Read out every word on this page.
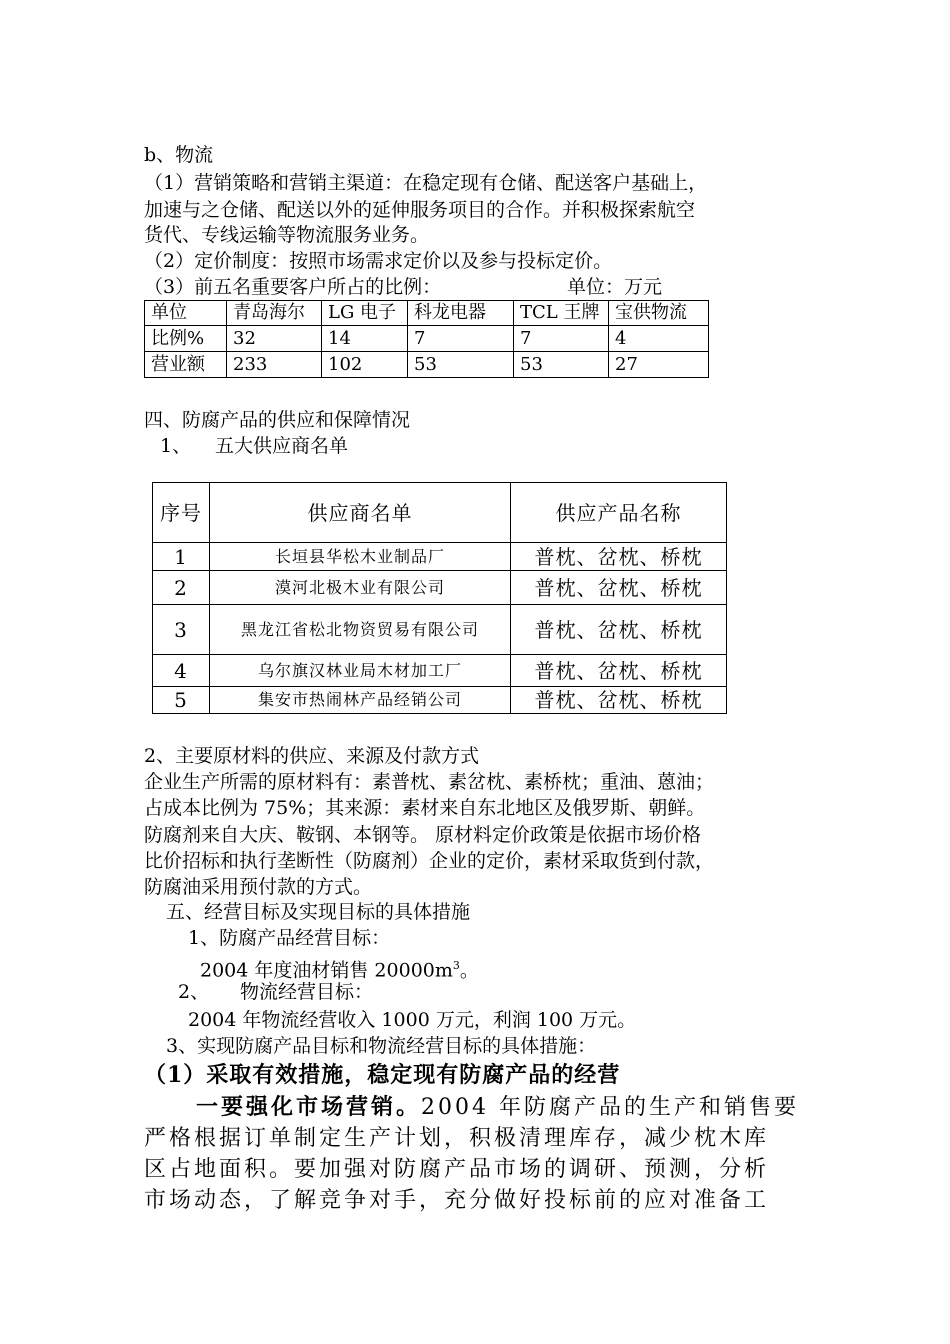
b、物流
（1）营销策略和营销主渠道：在稳定现有仓储、配送客户基础上，
加速与之仓储、配送以外的延伸服务项目的合作。并积极探索航空
货代、专线运输等物流服务业务。
（2）定价制度：按照市场需求定价以及参与投标定价。
（3）前五名重要客户所占的比例：	单位：万元
单位	青岛海尔	LG 电子	科龙电器	TCL 王牌	宝供物流
比例%	32	14	7	7	4
营业额	233	102	53	53	27
四、防腐产品的供应和保障情况
1、 五大供应商名单
序号	供应商名单	供应产品名称
1	长垣县华松木业制品厂	普枕、岔枕、桥枕
2	漠河北极木业有限公司	普枕、岔枕、桥枕
3	黑龙江省松北物资贸易有限公司	普枕、岔枕、桥枕
4	乌尔旗汉林业局木材加工厂	普枕、岔枕、桥枕
5	集安市热闹林产品经销公司	普枕、岔枕、桥枕
2、主要原材料的供应、来源及付款方式
企业生产所需的原材料有：素普枕、素岔枕、素桥枕；重油、蒽油；
占成本比例为 75%；其来源：素材来自东北地区及俄罗斯、朝鲜。
防腐剂来自大庆、鞍钢、本钢等。 原材料定价政策是依据市场价格
比价招标和执行垄断性（防腐剂）企业的定价，素材采取货到付款，
防腐油采用预付款的方式。
五、经营目标及实现目标的具体措施
1、防腐产品经营目标：
2004 年度油材销售 $20000m^3$。
2、 物流经营目标：
2004 年物流经营收入 1000 万元，利润 100 万元。
3、实现防腐产品目标和物流经营目标的具体措施：
（1）采取有效措施，稳定现有防腐产品的经营
一要强化市场营销。2004 年防腐产品的生产和销售要
严格根据订单制定生产计划，积极清理库存，减少枕木库
区占地面积。要加强对防腐产品市场的调研、预测，分析
市场动态，了解竞争对手，充分做好投标前的应对准备工
